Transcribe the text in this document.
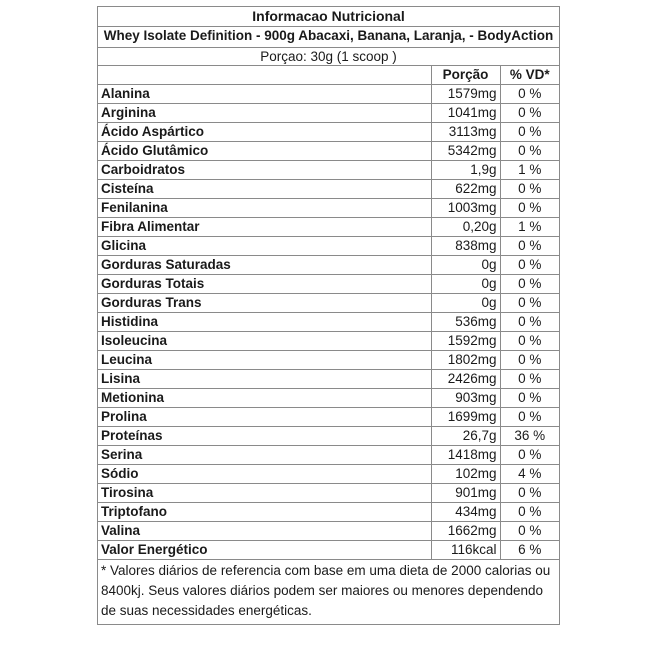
Informacao Nutricional
Whey Isolate Definition - 900g Abacaxi, Banana, Laranja, - BodyAction
Porçao: 30g (1 scoop )
	Porção	% VD*
Alanina	1579mg	0 %
Arginina	1041mg	0 %
Ácido Aspártico	3113mg	0 %
Ácido Glutâmico	5342mg	0 %
Carboidratos	1,9g	1 %
Cisteína	622mg	0 %
Fenilanina	1003mg	0 %
Fibra Alimentar	0,20g	1 %
Glicina	838mg	0 %
Gorduras Saturadas	0g	0 %
Gorduras Totais	0g	0 %
Gorduras Trans	0g	0 %
Histidina	536mg	0 %
Isoleucina	1592mg	0 %
Leucina	1802mg	0 %
Lisina	2426mg	0 %
Metionina	903mg	0 %
Prolina	1699mg	0 %
Proteínas	26,7g	36 %
Serina	1418mg	0 %
Sódio	102mg	4 %
Tirosina	901mg	0 %
Triptofano	434mg	0 %
Valina	1662mg	0 %
Valor Energético	116kcal	6 %
* Valores diários de referencia com base em uma dieta de 2000 calorias ou 8400kj. Seus valores diários podem ser maiores ou menores dependendo de suas necessidades energéticas.
